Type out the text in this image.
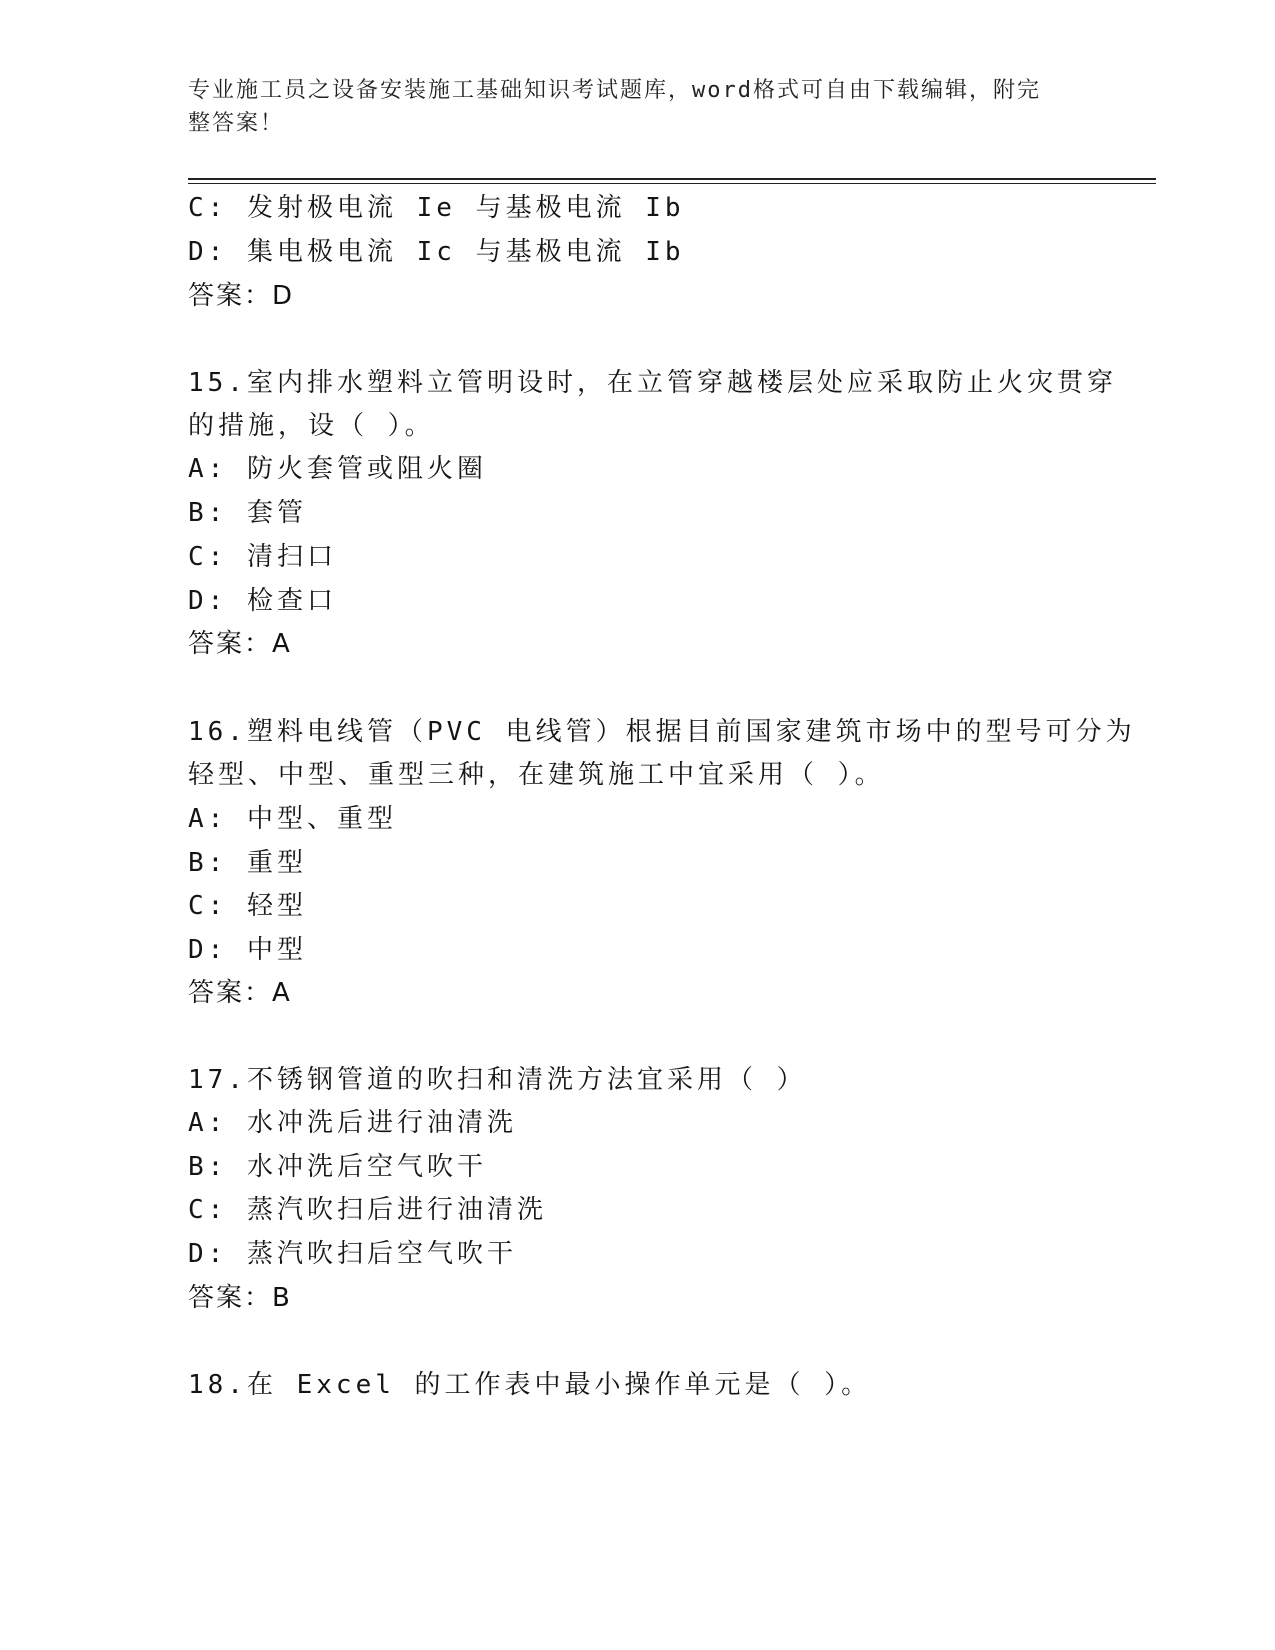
专业施工员之设备安装施工基础知识考试题库，word格式可自由下载编辑，附完
整答案！
C: 发射极电流 Ie 与基极电流 Ib
D: 集电极电流 Ic 与基极电流 Ib
答案：D
15.室内排水塑料立管明设时，在立管穿越楼层处应采取防止火灾贯穿
的措施，设（ ）。
A: 防火套管或阻火圈
B: 套管
C: 清扫口
D: 检查口
答案：A
16.塑料电线管（PVC 电线管）根据目前国家建筑市场中的型号可分为
轻型、中型、重型三种，在建筑施工中宜采用（ ）。
A: 中型、重型
B: 重型
C: 轻型
D: 中型
答案：A
17.不锈钢管道的吹扫和清洗方法宜采用（ ）
A: 水冲洗后进行油清洗
B: 水冲洗后空气吹干
C: 蒸汽吹扫后进行油清洗
D: 蒸汽吹扫后空气吹干
答案：B
18.在 Excel 的工作表中最小操作单元是（ ）。
